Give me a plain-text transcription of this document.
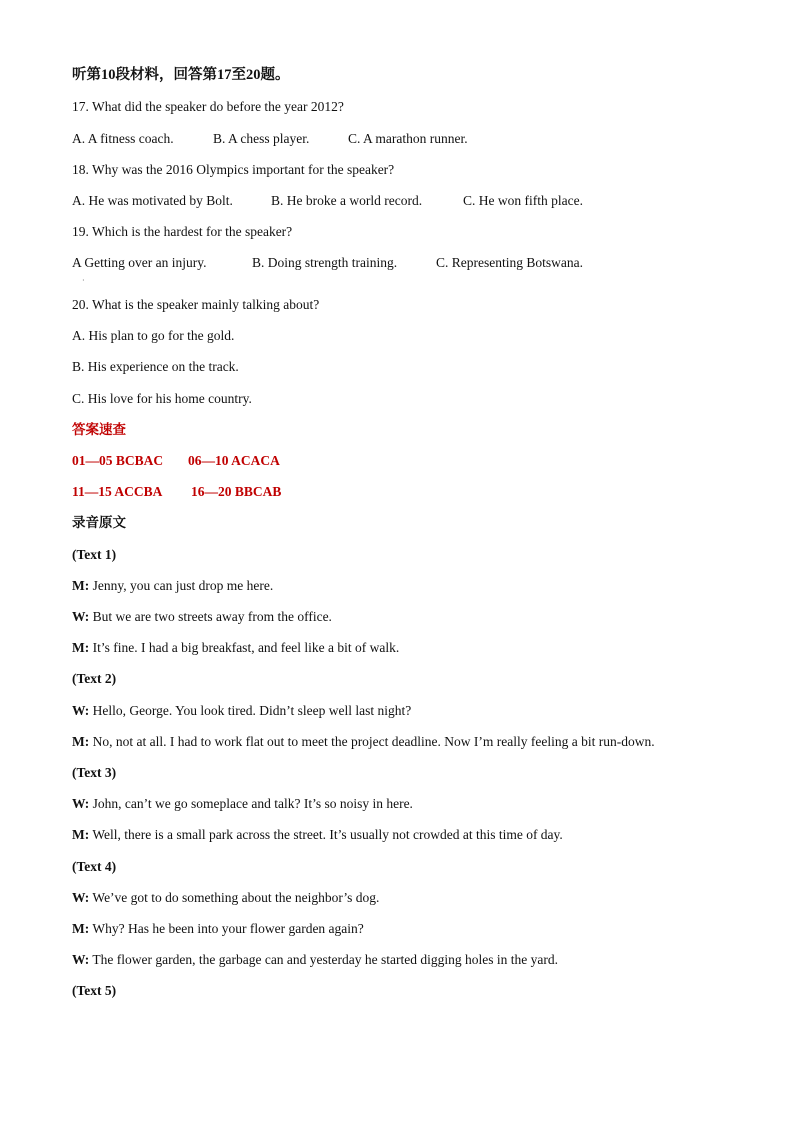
听第10段材料，回答第17至20题。
17. What did the speaker do before the year 2012?
A. A fitness coach.	B. A chess player.	C. A marathon runner.
18. Why was the 2016 Olympics important for the speaker?
A. He was motivated by Bolt.	B. He broke a world record.	C. He won fifth place.
19. Which is the hardest for the speaker?
A Getting over an injury.	B. Doing strength training.	C. Representing Botswana.
·
20. What is the speaker mainly talking about?
A. His plan to go for the gold.
B. His experience on the track.
C. His love for his home country.
答案速查
01—05 BCBAC 06—10 ACACA
11—15 ACCBA 16—20 BBCAB
录音原文
(Text 1)
M: Jenny, you can just drop me here.
W: But we are two streets away from the office.
M: It’s fine. I had a big breakfast, and feel like a bit of walk.
(Text 2)
W: Hello, George. You look tired. Didn’t sleep well last night?
M: No, not at all. I had to work flat out to meet the project deadline. Now I’m really feeling a bit run-down.
(Text 3)
W: John, can’t we go someplace and talk? It’s so noisy in here.
M: Well, there is a small park across the street. It’s usually not crowded at this time of day.
(Text 4)
W: We’ve got to do something about the neighbor’s dog.
M: Why? Has he been into your flower garden again?
W: The flower garden, the garbage can and yesterday he started digging holes in the yard.
(Text 5)
